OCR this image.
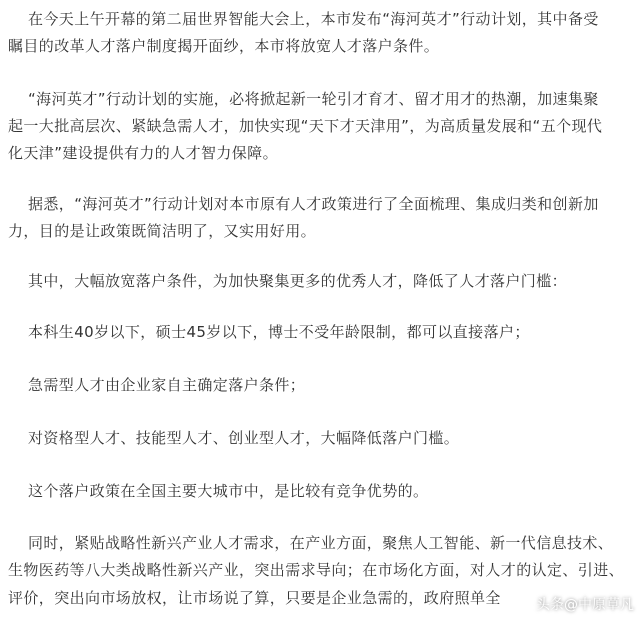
在今天上午开幕的第二届世界智能大会上，本市发布“海河英才”行动计划，其中备受
瞩目的改革人才落户制度揭开面纱，本市将放宽人才落户条件。
“海河英才”行动计划的实施，必将掀起新一轮引才育才、留才用才的热潮，加速集聚
起一大批高层次、紧缺急需人才，加快实现“天下才天津用”，为高质量发展和“五个现代
化天津”建设提供有力的人才智力保障。
据悉，“海河英才”行动计划对本市原有人才政策进行了全面梳理、集成归类和创新加
力，目的是让政策既简洁明了，又实用好用。
其中，大幅放宽落户条件，为加快聚集更多的优秀人才，降低了人才落户门槛：
本科生40岁以下，硕士45岁以下，博士不受年龄限制，都可以直接落户；
急需型人才由企业家自主确定落户条件；
对资格型人才、技能型人才、创业型人才，大幅降低落户门槛。
这个落户政策在全国主要大城市中，是比较有竞争优势的。
同时，紧贴战略性新兴产业人才需求，在产业方面，聚焦人工智能、新一代信息技术、
生物医药等八大类战略性新兴产业，突出需求导向；在市场化方面，对人才的认定、引进、
评价，突出向市场放权，让市场说了算，只要是企业急需的，政府照单全	头条@中原草凡
